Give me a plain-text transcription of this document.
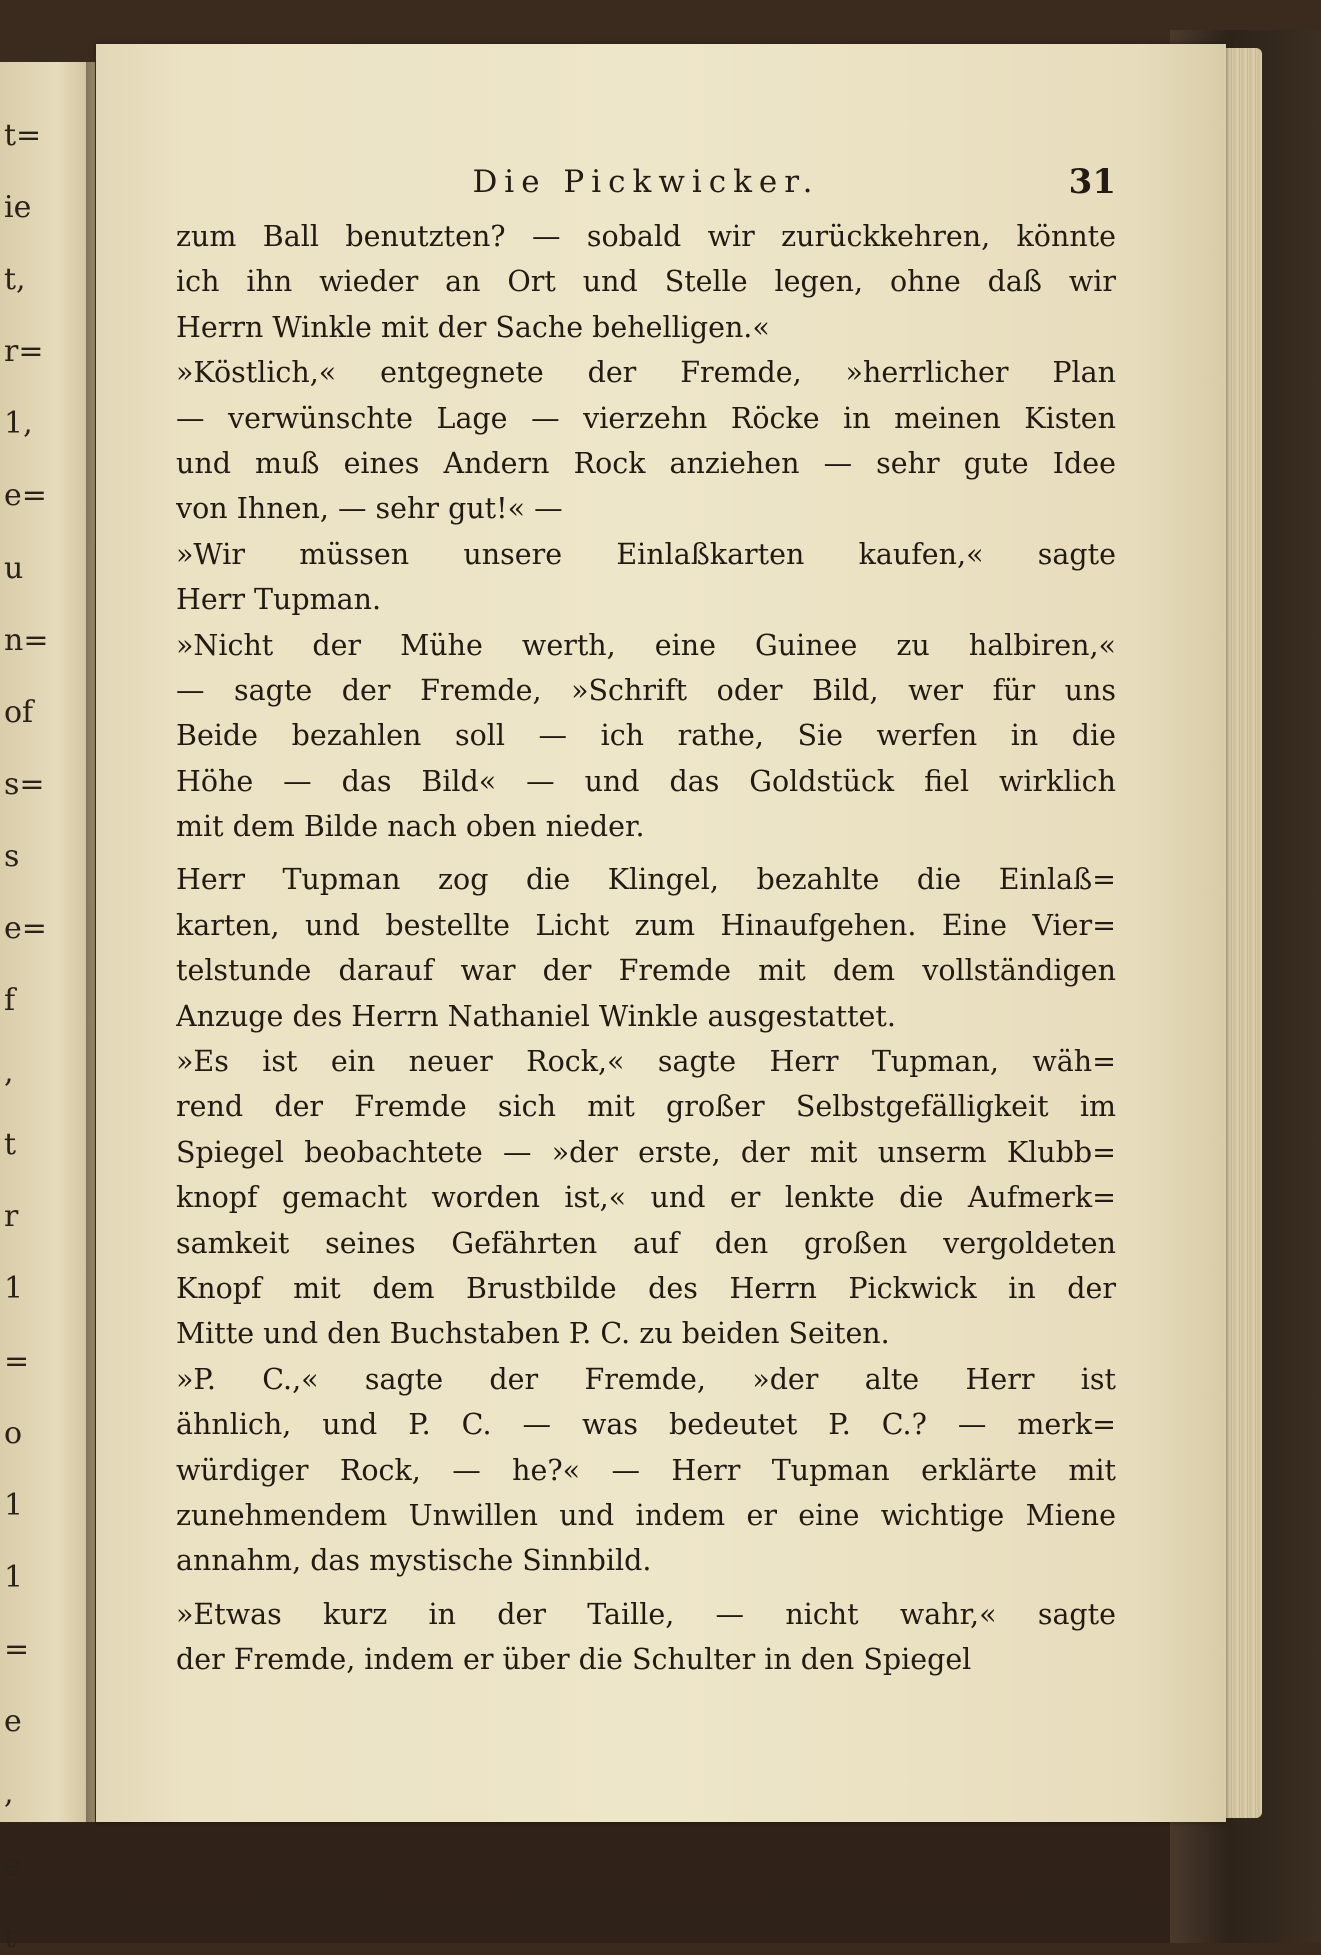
t=
ie
t,
r=
1,
e=
u
n=
of
s=
s
e=
f
,
t
r
1
=
o
1
1
=
e
,
e
t
Die Pickwicker.	31
zum Ball benutzten? — sobald wir zurückkehren, könnte
ich ihn wieder an Ort und Stelle legen, ohne daß wir
Herrn Winkle mit der Sache behelligen.«
»Köstlich,« entgegnete der Fremde, »herrlicher Plan
— verwünschte Lage — vierzehn Röcke in meinen Kisten
und muß eines Andern Rock anziehen — sehr gute Idee
von Ihnen, — sehr gut!« —
»Wir müssen unsere Einlaßkarten kaufen,« sagte
Herr Tupman.
»Nicht der Mühe werth, eine Guinee zu halbiren,«
— sagte der Fremde, »Schrift oder Bild, wer für uns
Beide bezahlen soll — ich rathe, Sie werfen in die
Höhe — das Bild« — und das Goldstück fiel wirklich
mit dem Bilde nach oben nieder.
Herr Tupman zog die Klingel, bezahlte die Einlaß=
karten, und bestellte Licht zum Hinaufgehen. Eine Vier=
telstunde darauf war der Fremde mit dem vollständigen
Anzuge des Herrn Nathaniel Winkle ausgestattet.
»Es ist ein neuer Rock,« sagte Herr Tupman, wäh=
rend der Fremde sich mit großer Selbstgefälligkeit im
Spiegel beobachtete — »der erste, der mit unserm Klubb=
knopf gemacht worden ist,« und er lenkte die Aufmerk=
samkeit seines Gefährten auf den großen vergoldeten
Knopf mit dem Brustbilde des Herrn Pickwick in der
Mitte und den Buchstaben P. C. zu beiden Seiten.
»P. C.,« sagte der Fremde, »der alte Herr ist
ähnlich, und P. C. — was bedeutet P. C.? — merk=
würdiger Rock, — he?« — Herr Tupman erklärte mit
zunehmendem Unwillen und indem er eine wichtige Miene
annahm, das mystische Sinnbild.
»Etwas kurz in der Taille, — nicht wahr,« sagte
der Fremde, indem er über die Schulter in den Spiegel
